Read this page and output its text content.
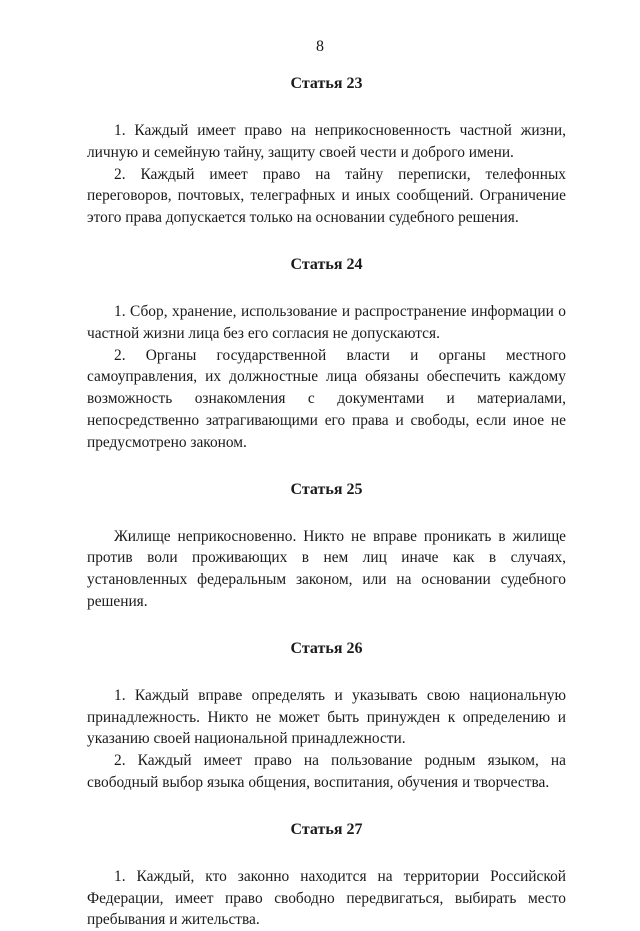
8
Статья 23

1. Каждый имеет право на неприкосновенность частной жизни, личную и семейную тайну, защиту своей чести и доброго имени.

2. Каждый имеет право на тайну переписки, телефонных переговоров, почтовых, телеграфных и иных сообщений. Ограничение этого права допускается только на основании судебного решения.

Статья 24

1. Сбор, хранение, использование и распространение информации о частной жизни лица без его согласия не допускаются.

2. Органы государственной власти и органы местного самоуправления, их должностные лица обязаны обеспечить каждому возможность ознакомления с документами и материалами, непосредственно затрагивающими его права и свободы, если иное не предусмотрено законом.

Статья 25

Жилище неприкосновенно. Никто не вправе проникать в жилище против воли проживающих в нем лиц иначе как в случаях, установленных федеральным законом, или на основании судебного решения.

Статья 26

1. Каждый вправе определять и указывать свою национальную принадлежность. Никто не может быть принужден к определению и указанию своей национальной принадлежности.

2. Каждый имеет право на пользование родным языком, на свободный выбор языка общения, воспитания, обучения и творчества.

Статья 27

1. Каждый, кто законно находится на территории Российской Федерации, имеет право свободно передвигаться, выбирать место пребывания и жительства.
